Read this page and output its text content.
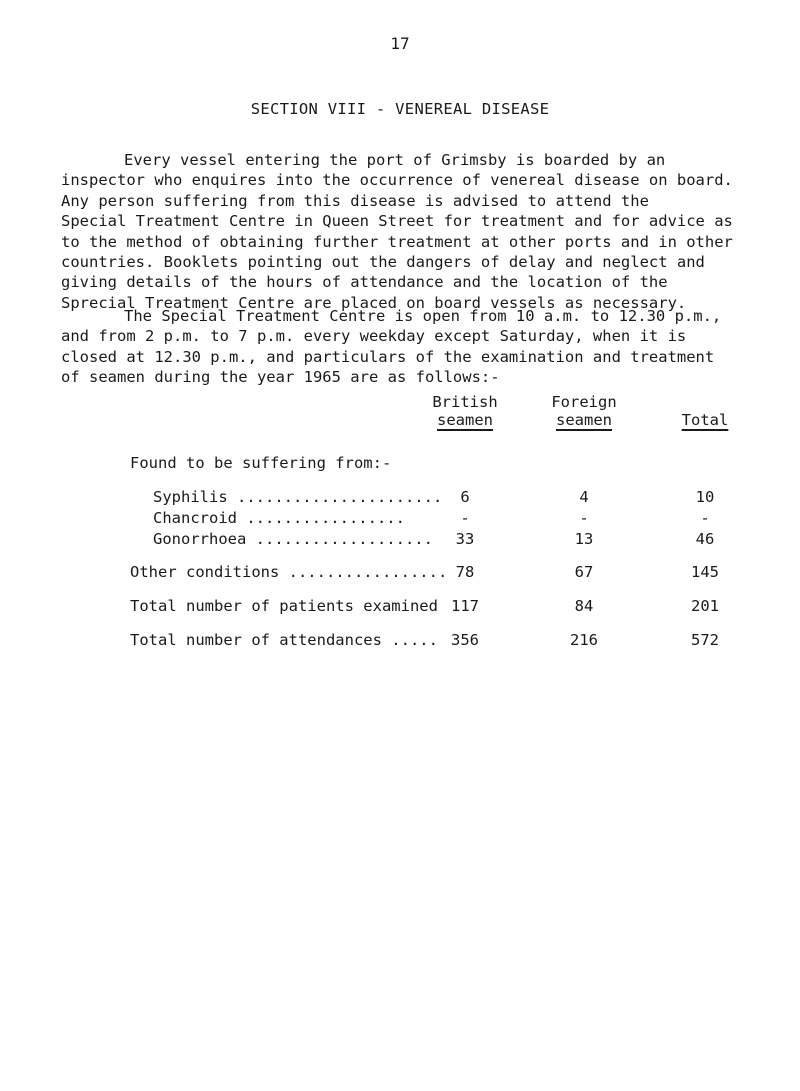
17
SECTION VIII - VENEREAL DISEASE
Every vessel entering the port of Grimsby is boarded by an
inspector who enquires into the occurrence of venereal disease on board.
Any person suffering from this disease is advised to attend the
Special Treatment Centre in Queen Street for treatment and for advice as
to the method of obtaining further treatment at other ports and in other
countries. Booklets pointing out the dangers of delay and neglect and
giving details of the hours of attendance and the location of the
Sprecial Treatment Centre are placed on board vessels as necessary.
The Special Treatment Centre is open from 10 a.m. to 12.30 p.m.,
and from 2 p.m. to 7 p.m. every weekday except Saturday, when it is
closed at 12.30 p.m., and particulars of the examination and treatment
of seamen during the year 1965 are as follows:-
British
seamen
Foreign
seamen
	Total
Found to be suffering from:-
Syphilis ......................	6	4	10
Chancroid .................	-	-	-
Gonorrhoea ...................	33	13	46
Other conditions ................. 78	67	145
Total number of patients examined 117	84	201
Total number of attendances ..... 356	216	572
